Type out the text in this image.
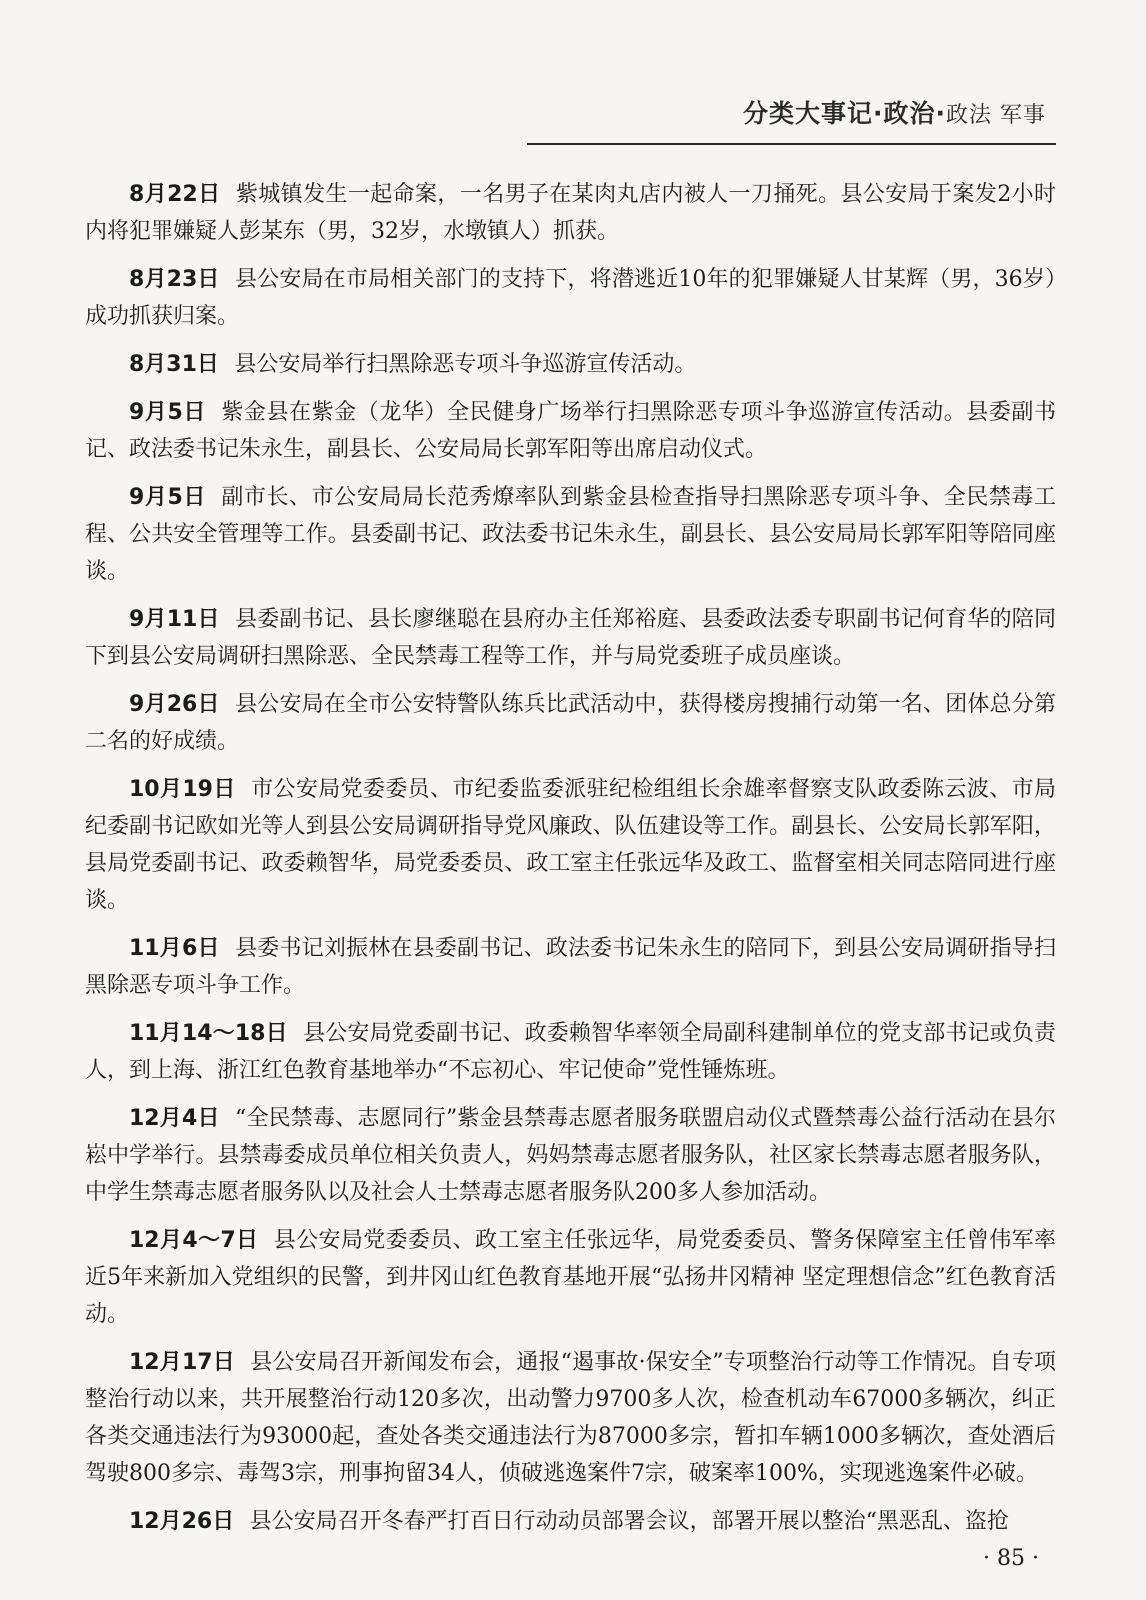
分类大事记·政治·政法 军事

8月22日 紫城镇发生一起命案，一名男子在某肉丸店内被人一刀捅死。县公安局于案发2小时内将犯罪嫌疑人彭某东（男，32岁，水墩镇人）抓获。

8月23日 县公安局在市局相关部门的支持下，将潜逃近10年的犯罪嫌疑人甘某辉（男，36岁）成功抓获归案。

8月31日 县公安局举行扫黑除恶专项斗争巡游宣传活动。

9月5日 紫金县在紫金（龙华）全民健身广场举行扫黑除恶专项斗争巡游宣传活动。县委副书记、政法委书记朱永生，副县长、公安局局长郭军阳等出席启动仪式。

9月5日 副市长、市公安局局长范秀燎率队到紫金县检查指导扫黑除恶专项斗争、全民禁毒工程、公共安全管理等工作。县委副书记、政法委书记朱永生，副县长、县公安局局长郭军阳等陪同座谈。

9月11日 县委副书记、县长廖继聪在县府办主任郑裕庭、县委政法委专职副书记何育华的陪同下到县公安局调研扫黑除恶、全民禁毒工程等工作，并与局党委班子成员座谈。

9月26日 县公安局在全市公安特警队练兵比武活动中，获得楼房搜捕行动第一名、团体总分第二名的好成绩。

10月19日 市公安局党委委员、市纪委监委派驻纪检组组长余雄率督察支队政委陈云波、市局纪委副书记欧如光等人到县公安局调研指导党风廉政、队伍建设等工作。副县长、公安局长郭军阳，县局党委副书记、政委赖智华，局党委委员、政工室主任张远华及政工、监督室相关同志陪同进行座谈。

11月6日 县委书记刘振林在县委副书记、政法委书记朱永生的陪同下，到县公安局调研指导扫黑除恶专项斗争工作。

11月14～18日 县公安局党委副书记、政委赖智华率领全局副科建制单位的党支部书记或负责人，到上海、浙江红色教育基地举办“不忘初心、牢记使命”党性锤炼班。

12月4日 “全民禁毒、志愿同行”紫金县禁毒志愿者服务联盟启动仪式暨禁毒公益行活动在县尔崧中学举行。县禁毒委成员单位相关负责人，妈妈禁毒志愿者服务队，社区家长禁毒志愿者服务队，中学生禁毒志愿者服务队以及社会人士禁毒志愿者服务队200多人参加活动。

12月4～7日 县公安局党委委员、政工室主任张远华，局党委委员、警务保障室主任曾伟军率近5年来新加入党组织的民警，到井冈山红色教育基地开展“弘扬井冈精神 坚定理想信念”红色教育活动。

12月17日 县公安局召开新闻发布会，通报“遏事故·保安全”专项整治行动等工作情况。自专项整治行动以来，共开展整治行动120多次，出动警力9700多人次，检查机动车67000多辆次，纠正各类交通违法行为93000起，查处各类交通违法行为87000多宗，暂扣车辆1000多辆次，查处酒后驾驶800多宗、毒驾3宗，刑事拘留34人，侦破逃逸案件7宗，破案率100%，实现逃逸案件必破。

12月26日 县公安局召开冬春严打百日行动动员部署会议，部署开展以整治“黑恶乱、盗抢

· 85 ·
